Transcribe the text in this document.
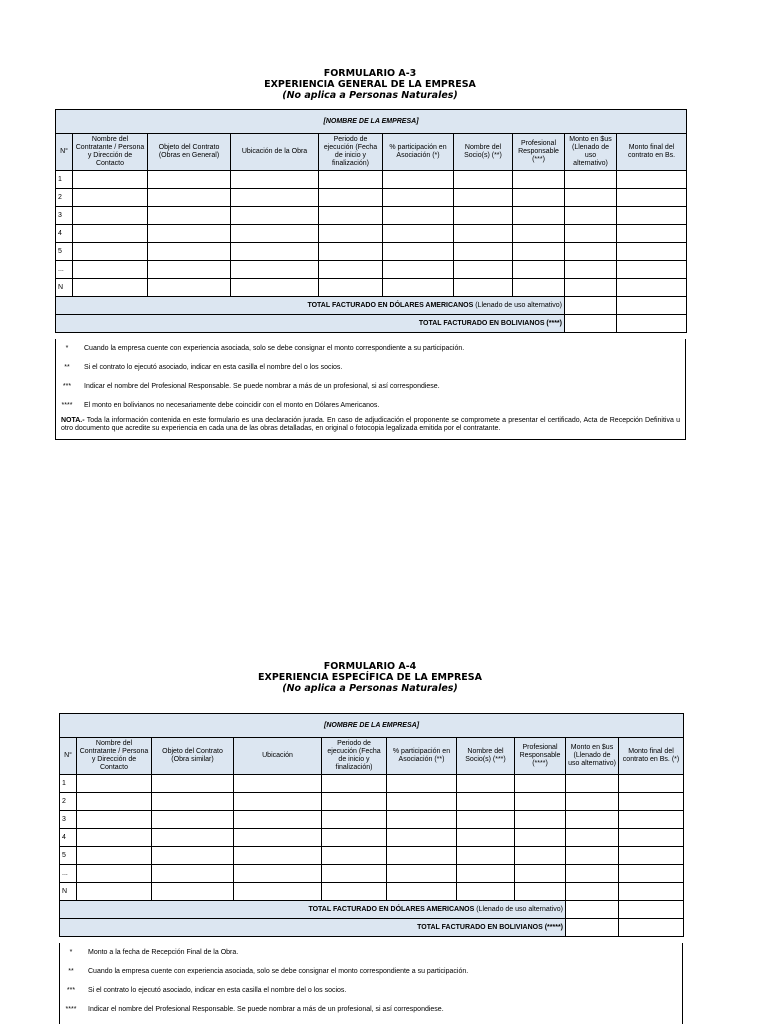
FORMULARIO A-3
EXPERIENCIA GENERAL DE LA EMPRESA
(No aplica a Personas Naturales)
[NOMBRE DE LA EMPRESA]									
N°	Nombre del Contratante / Persona y Dirección de Contacto	Objeto del Contrato (Obras en General)	Ubicación de la Obra	Periodo de ejecución (Fecha de inicio y finalización)	% participación en Asociación (*)	Nombre del Socio(s) (**)	Profesional Responsable (***)	Monto en $us (Llenado de uso alternativo)	Monto final del contrato en Bs.
1									
2									
3									
4									
5									
...									
N									
TOTAL FACTURADO EN DÓLARES AMERICANOS (Llenado de uso alternativo)									
TOTAL FACTURADO EN BOLIVIANOS (****)									
*	Cuando la empresa cuente con experiencia asociada, solo se debe consignar el monto correspondiente a su participación.
**	Si el contrato lo ejecutó asociado, indicar en esta casilla el nombre del o los socios.
***	Indicar el nombre del Profesional Responsable. Se puede nombrar a más de un profesional, si así correspondiese.
****	El monto en bolivianos no necesariamente debe coincidir con el monto en Dólares Americanos.
NOTA.- Toda la información contenida en este formulario es una declaración jurada. En caso de adjudicación el proponente se compromete a presentar el certificado, Acta de Recepción Definitiva u otro documento que acredite su experiencia en cada una de las obras detalladas, en original o fotocopia legalizada emitida por el contratante.
FORMULARIO A-4
EXPERIENCIA ESPECÍFICA DE LA EMPRESA
(No aplica a Personas Naturales)
[NOMBRE DE LA EMPRESA]									
N°	Nombre del Contratante / Persona y Dirección de Contacto	Objeto del Contrato (Obra similar)	Ubicación	Periodo de ejecución (Fecha de inicio y finalización)	% participación en Asociación (**)	Nombre del Socio(s) (***)	Profesional Responsable (****)	Monto en $us (Llenado de uso alternativo)	Monto final del contrato en Bs. (*)
1									
2									
3									
4									
5									
...									
N									
TOTAL FACTURADO EN DÓLARES AMERICANOS (Llenado de uso alternativo)									
TOTAL FACTURADO EN BOLIVIANOS (*****)									
*	Monto a la fecha de Recepción Final de la Obra.
**	Cuando la empresa cuente con experiencia asociada, solo se debe consignar el monto correspondiente a su participación.
***	Si el contrato lo ejecutó asociado, indicar en esta casilla el nombre del o los socios.
****	Indicar el nombre del Profesional Responsable. Se puede nombrar a más de un profesional, si así correspondiese.
